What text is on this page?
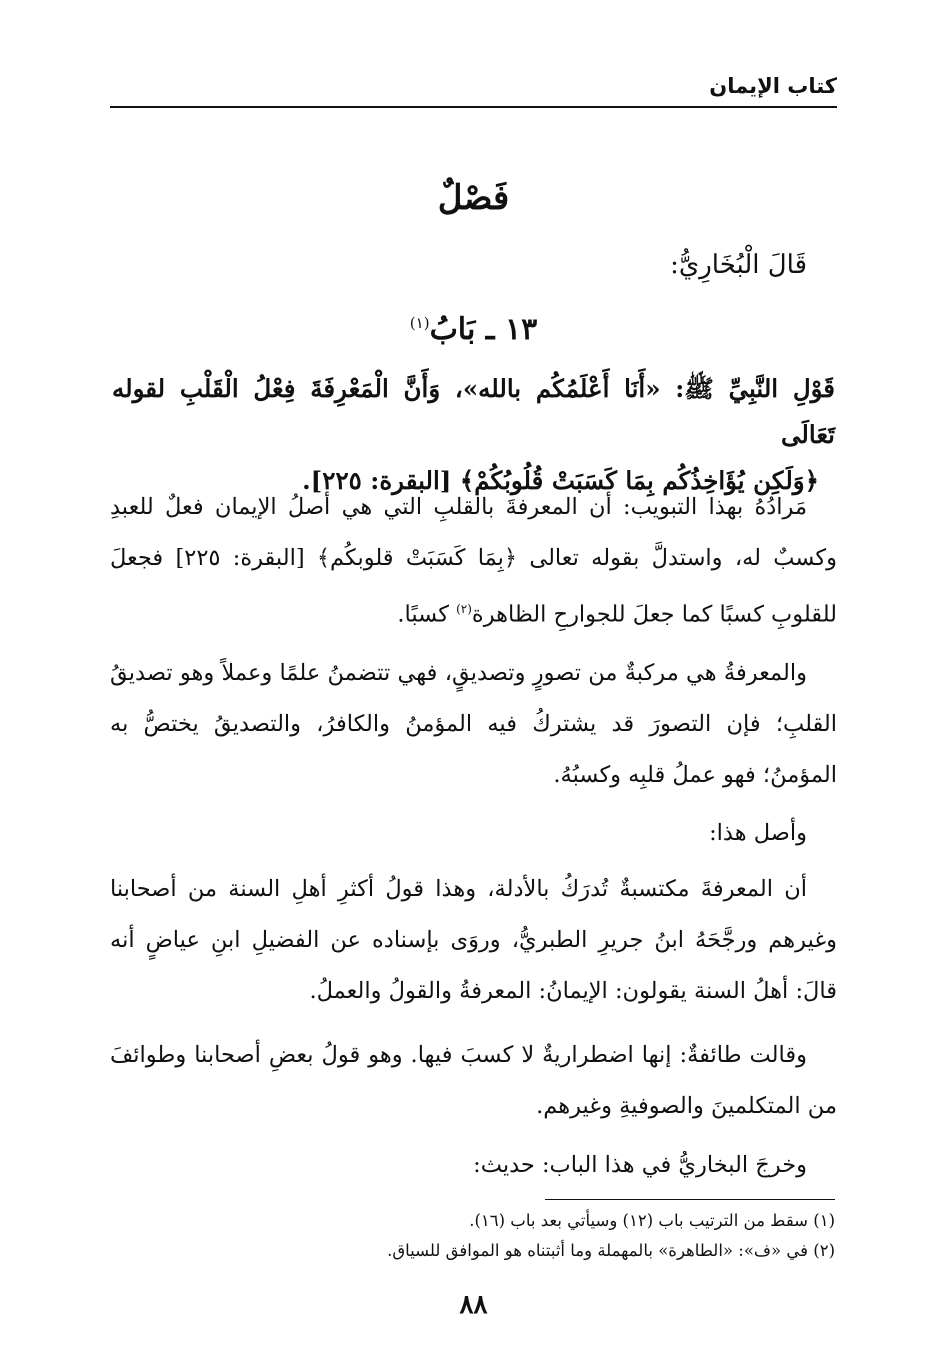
كتاب الإيمان
فَصْلٌ
قَالَ الْبُخَارِيُّ:
١٣ ـ بَابُ$^{(١)}$
قَوْلِ النَّبِيِّ ﷺ: «أَنَا أَعْلَمُكُم بالله»، وَأَنَّ الْمَعْرِفَةَ فِعْلُ الْقَلْبِ لقوله تَعَالَى
﴿وَلَكِن يُؤَاخِذُكُم بِمَا كَسَبَتْ قُلُوبُكُمْ﴾ [البقرة: ٢٢٥].
مَرادُهُ بهذا التبويب: أن المعرفةَ بالقلبِ التي هي أصلُ الإيمان فعلٌ للعبدِ وكسبٌ له، واستدلَّ بقوله تعالى ﴿بِمَا كَسَبَتْ قلوبكُم﴾ [البقرة: ٢٢٥] فجعلَ للقلوبِ كسبًا كما جعلَ للجوارحِ الظاهرة$^{(٢)}$ كسبًا.
والمعرفةُ هي مركبةٌ من تصورٍ وتصديقٍ، فهي تتضمنُ علمًا وعملاً وهو تصديقُ القلبِ؛ فإن التصورَ قد يشتركُ فيه المؤمنُ والكافرُ، والتصديقُ يختصُّ به المؤمنُ؛ فهو عملُ قلبِه وكسبُهُ.
وأصل هذا:
أن المعرفةَ مكتسبةٌ تُدرَكُ بالأدلة، وهذا قولُ أكثرِ أهلِ السنة من أصحابنا وغيرهم ورجَّحَهُ ابنُ جريرِ الطبريُّ، وروَى بإسناده عن الفضيلِ ابنِ عياضٍ أنه قالَ: أهلُ السنة يقولون: الإيمانُ: المعرفةُ والقولُ والعملُ.
وقالت طائفةٌ: إنها اضطراريةٌ لا كسبَ فيها. وهو قولُ بعضِ أصحابنا وطوائفَ من المتكلمينَ والصوفيةِ وغيرهم.
وخرجَ البخاريُّ في هذا الباب: حديث:
(١) سقط من الترتيب باب (١٢) وسيأتي بعد باب (١٦).
(٢) في «ف»: «الطاهرة» بالمهملة وما أثبتناه هو الموافق للسياق.
٨٨
